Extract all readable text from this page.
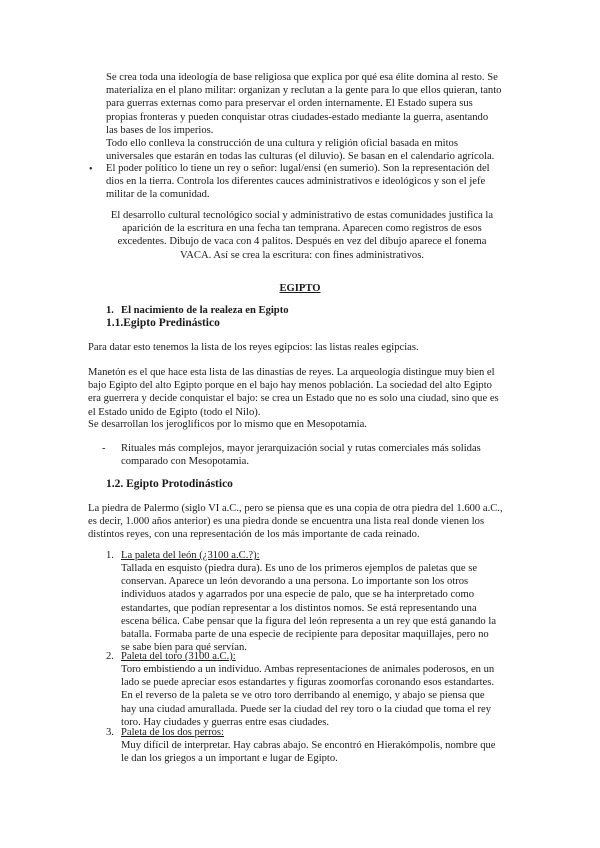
Se crea toda una ideología de base religiosa que explica por qué esa élite domina al resto. Se

materializa en el plano militar: organizan y reclutan a la gente para lo que ellos quieran, tanto

para guerras externas como para preservar el orden internamente. El Estado supera sus

propias fronteras y pueden conquistar otras ciudades-estado mediante la guerra, asentando

las bases de los imperios.

Todo ello conlleva la construcción de una cultura y religión oficial basada en mitos

universales que estarán en todas las culturas (el diluvio). Se basan en el calendario agrícola.

• El poder político lo tiene un rey o señor: lugal/ensi (en sumerio). Son la representación del

dios en la tierra. Controla los diferentes cauces administrativos e ideológicos y son el jefe

militar de la comunidad.

El desarrollo cultural tecnológico social y administrativo de estas comunidades justifica la

aparición de la escritura en una fecha tan temprana. Aparecen como registros de esos

excedentes. Dibujo de vaca con 4 palitos. Después en vez del dibujo aparece el fonema

VACA. Así se crea la escritura: con fines administrativos.

EGIPTO
1. El nacimiento de la realeza en Egipto
1.1.Egipto Predinástico

Para datar esto tenemos la lista de los reyes egipcios: las listas reales egipcias.

Manetón es el que hace esta lista de las dinastías de reyes. La arqueología distingue muy bien el

bajo Egipto del alto Egipto porque en el bajo hay menos población. La sociedad del alto Egipto

era guerrera y decide conquistar el bajo: se crea un Estado que no es solo una ciudad, sino que es

el Estado unido de Egipto (todo el Nilo).

Se desarrollan los jeroglíficos por lo mismo que en Mesopotamia.

- Rituales más complejos, mayor jerarquización social y rutas comerciales más solidas

comparado con Mesopotamia.

1.2. Egipto Protodinástico

La piedra de Palermo (siglo VI a.C., pero se piensa que es una copia de otra piedra del 1.600 a.C.,

es decir, 1.000 años anterior) es una piedra donde se encuentra una lista real donde vienen los

distintos reyes, con una representación de los más importante de cada reinado.

1. La paleta del león (¿3100 a.C.?):

Tallada en esquisto (piedra dura). Es uno de los primeros ejemplos de paletas que se

conservan. Aparece un león devorando a una persona. Lo importante son los otros

individuos atados y agarrados por una especie de palo, que se ha interpretado como

estandartes, que podían representar a los distintos nomos. Se está representando una

escena bélica. Cabe pensar que la figura del león representa a un rey que está ganando la

batalla. Formaba parte de una especie de recipiente para depositar maquillajes, pero no

se sabe bien para qué servían.

2. Paleta del toro (3100 a.C.):

Toro embistiendo a un individuo. Ambas representaciones de animales poderosos, en un

lado se puede apreciar esos estandartes y figuras zoomorfas coronando esos estandartes.

En el reverso de la paleta se ve otro toro derribando al enemigo, y abajo se piensa que

hay una ciudad amurallada. Puede ser la ciudad del rey toro o la ciudad que toma el rey

toro. Hay ciudades y guerras entre esas ciudades.

3. Paleta de los dos perros:

Muy difícil de interpretar. Hay cabras abajo. Se encontró en Hierakómpolis, nombre que

le dan los griegos a un important e lugar de Egipto.
